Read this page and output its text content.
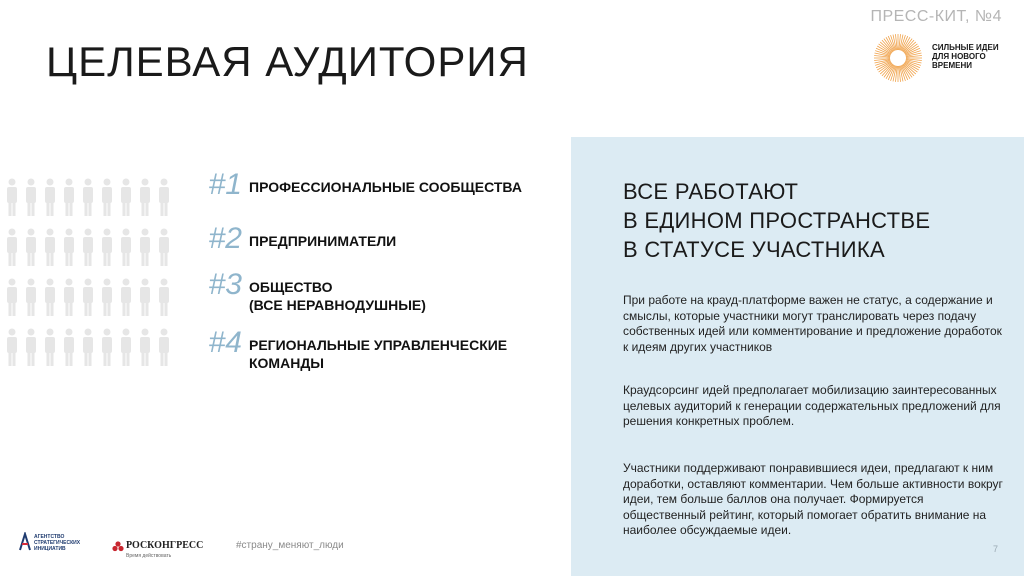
ПРЕСС-КИТ, №4
ЦЕЛЕВАЯ АУДИТОРИЯ	СИЛЬНЫЕ ИДЕИ
ДЛЯ НОВОГО
ВРЕМЕНИ
#1 ПРОФЕССИОНАЛЬНЫЕ СООБЩЕСТВА
#2 ПРЕДПРИНИМАТЕЛИ
#3 ОБЩЕСТВО
(ВСЕ НЕРАВНОДУШНЫЕ)
#4 РЕГИОНАЛЬНЫЕ УПРАВЛЕНЧЕСКИЕ
КОМАНДЫ
ВСЕ РАБОТАЮТ
В ЕДИНОМ ПРОСТРАНСТВЕ
В СТАТУСЕ УЧАСТНИКА
При работе на крауд-платформе важен не статус, а содержание и смыслы, которые участники могут транслировать через подачу собственных идей или комментирование и предложение доработок к идеям других участников
Краудсорсинг идей предполагает мобилизацию заинтересованных целевых аудиторий к генерации содержательных предложений для решения конкретных проблем.
Участники поддерживают понравившиеся идеи, предлагают к ним доработки, оставляют комментарии. Чем больше активности вокруг идеи, тем больше баллов она получает. Формируется общественный рейтинг, который помогает обратить внимание на наиболее обсуждаемые идеи.
7
АГЕНТСТВО
СТРАТЕГИЧЕСКИХ
ИНИЦИАТИВ	РОСКОНГРЕСС
Время действовать
#страну_меняют_люди
